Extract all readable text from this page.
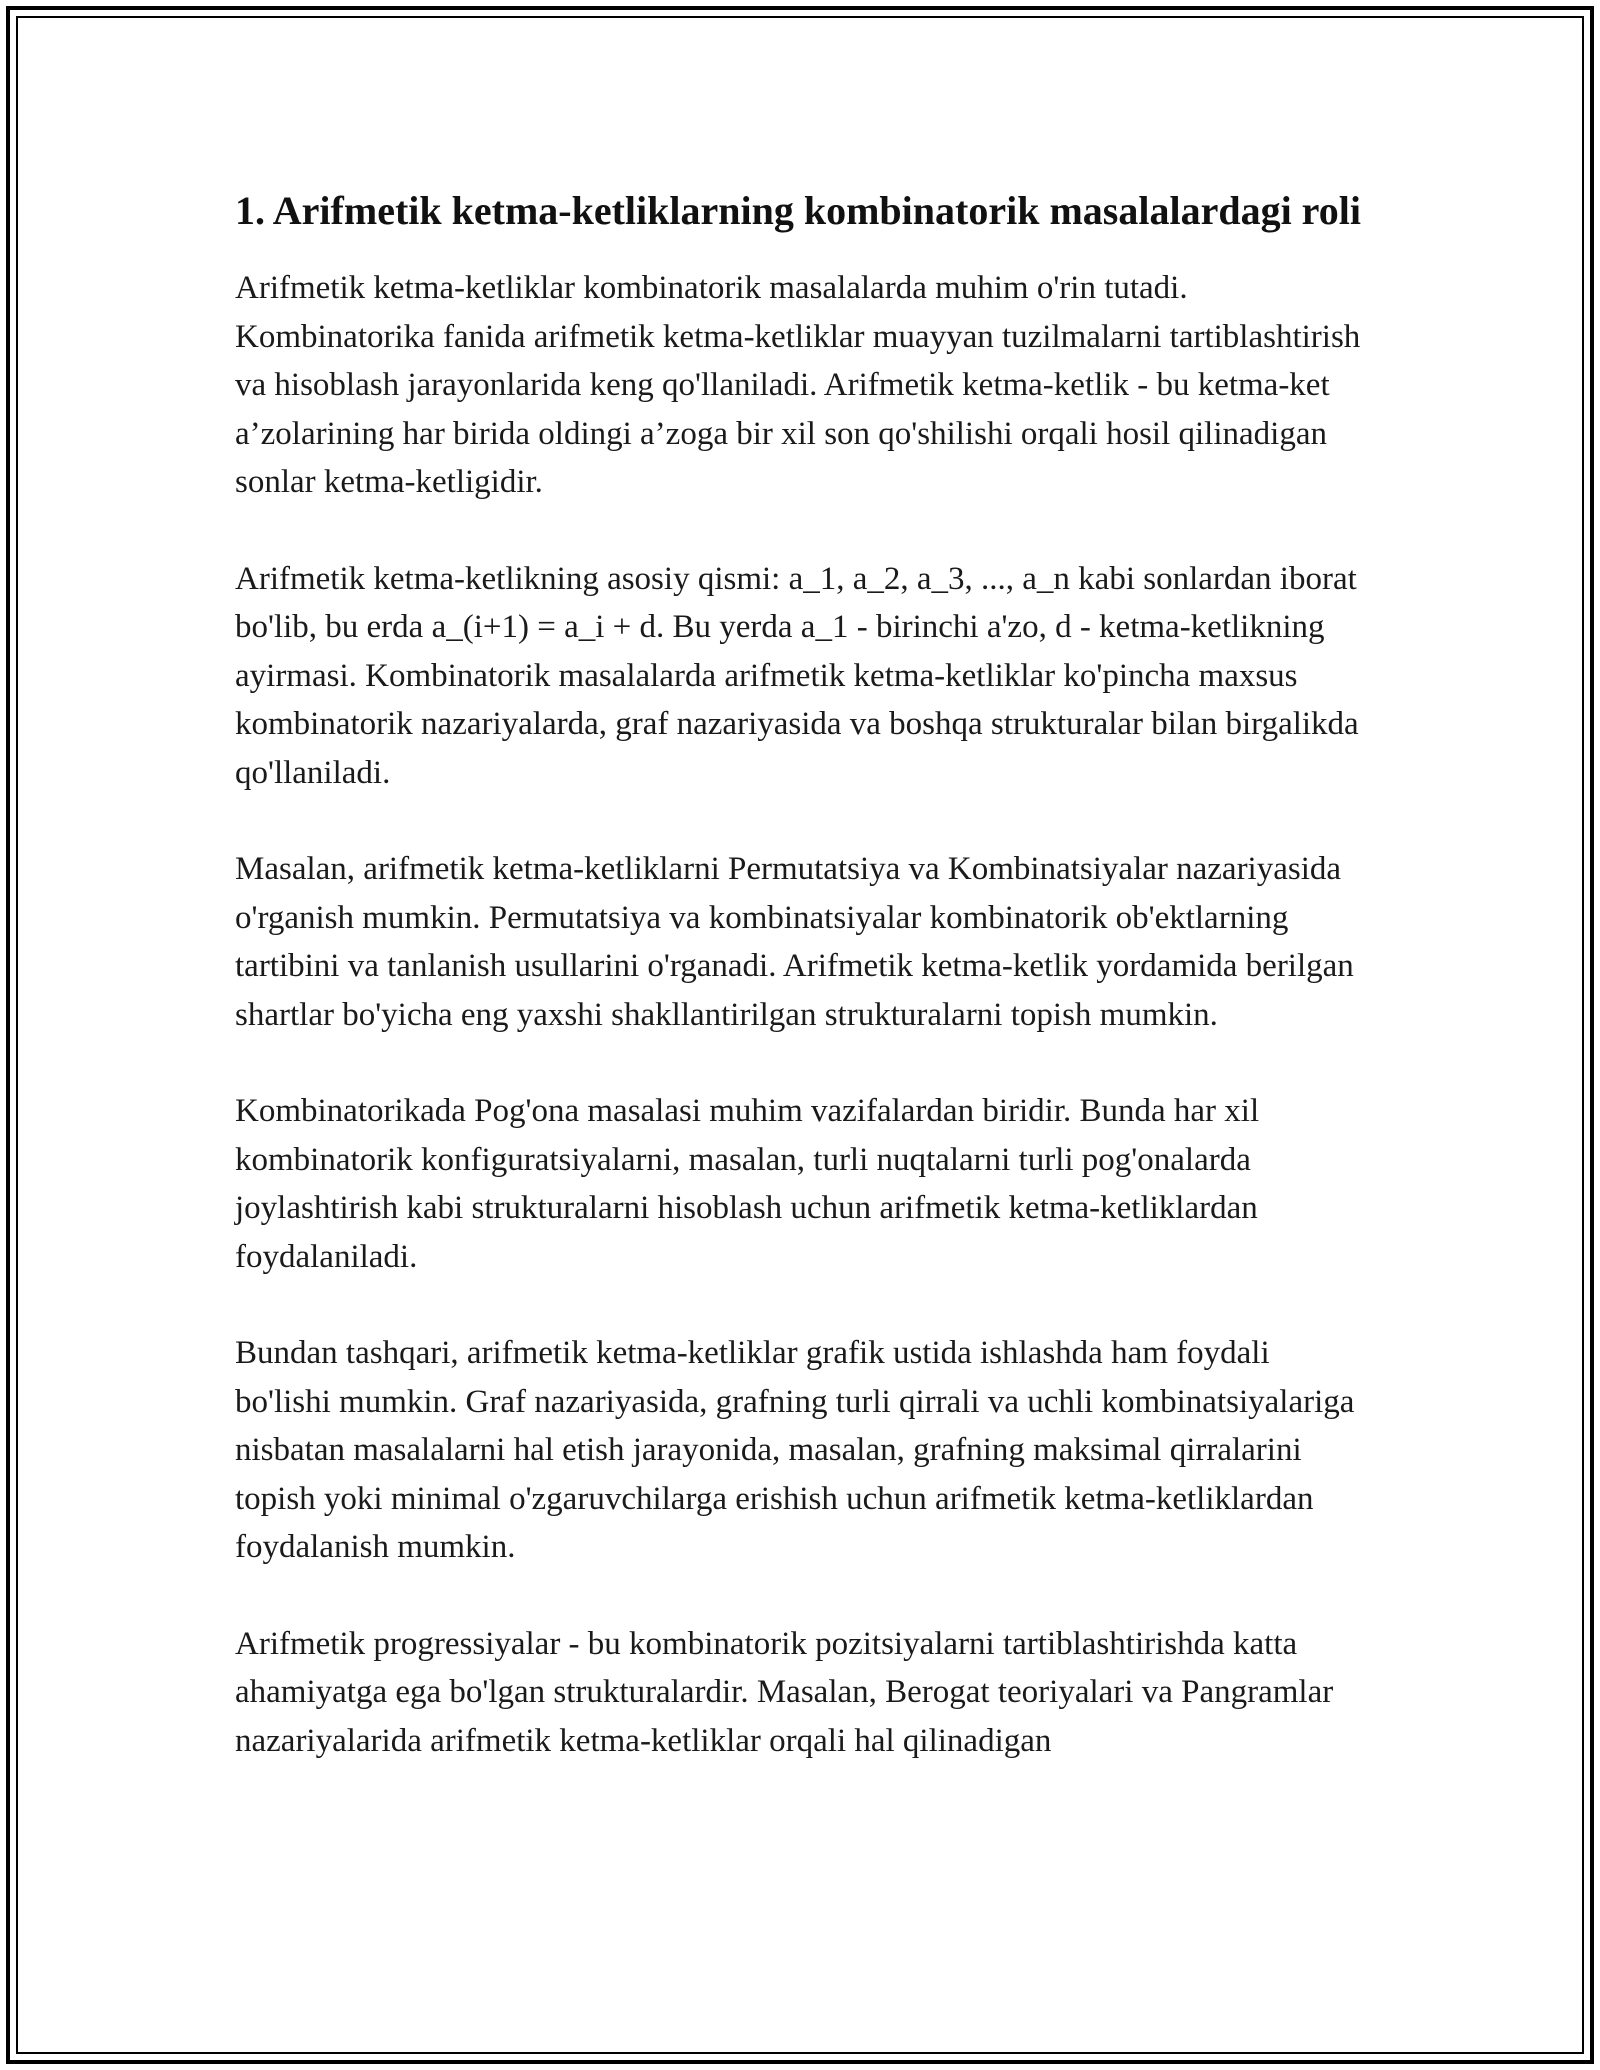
1. Arifmetik ketma-ketliklarning kombinatorik masalalardagi roli

Arifmetik ketma-ketliklar kombinatorik masalalarda muhim o'rin tutadi. Kombinatorika fanida arifmetik ketma-ketliklar muayyan tuzilmalarni tartiblashtirish va hisoblash jarayonlarida keng qo'llaniladi. Arifmetik ketma-ketlik - bu ketma-ket a’zolarining har birida oldingi a’zoga bir xil son qo'shilishi orqali hosil qilinadigan sonlar ketma-ketligidir.

Arifmetik ketma-ketlikning asosiy qismi: a_1, a_2, a_3, ..., a_n kabi sonlardan iborat bo'lib, bu erda a_(i+1) = a_i + d. Bu yerda a_1 - birinchi a'zo, d - ketma-ketlikning ayirmasi. Kombinatorik masalalarda arifmetik ketma-ketliklar ko'pincha maxsus kombinatorik nazariyalarda, graf nazariyasida va boshqa strukturalar bilan birgalikda qo'llaniladi.

Masalan, arifmetik ketma-ketliklarni Permutatsiya va Kombinatsiyalar nazariyasida o'rganish mumkin. Permutatsiya va kombinatsiyalar kombinatorik ob'ektlarning tartibini va tanlanish usullarini o'rganadi. Arifmetik ketma-ketlik yordamida berilgan shartlar bo'yicha eng yaxshi shakllantirilgan strukturalarni topish mumkin.

Kombinatorikada Pog'ona masalasi muhim vazifalardan biridir. Bunda har xil kombinatorik konfiguratsiyalarni, masalan, turli nuqtalarni turli pog'onalarda joylashtirish kabi strukturalarni hisoblash uchun arifmetik ketma-ketliklardan foydalaniladi.

Bundan tashqari, arifmetik ketma-ketliklar grafik ustida ishlashda ham foydali bo'lishi mumkin. Graf nazariyasida, grafning turli qirrali va uchli kombinatsiyalariga nisbatan masalalarni hal etish jarayonida, masalan, grafning maksimal qirralarini topish yoki minimal o'zgaruvchilarga erishish uchun arifmetik ketma-ketliklardan foydalanish mumkin.

Arifmetik progressiyalar - bu kombinatorik pozitsiyalarni tartiblashtirishda katta ahamiyatga ega bo'lgan strukturalardir. Masalan, Berogat teoriyalari va Pangramlar nazariyalarida arifmetik ketma-ketliklar orqali hal qilinadigan
